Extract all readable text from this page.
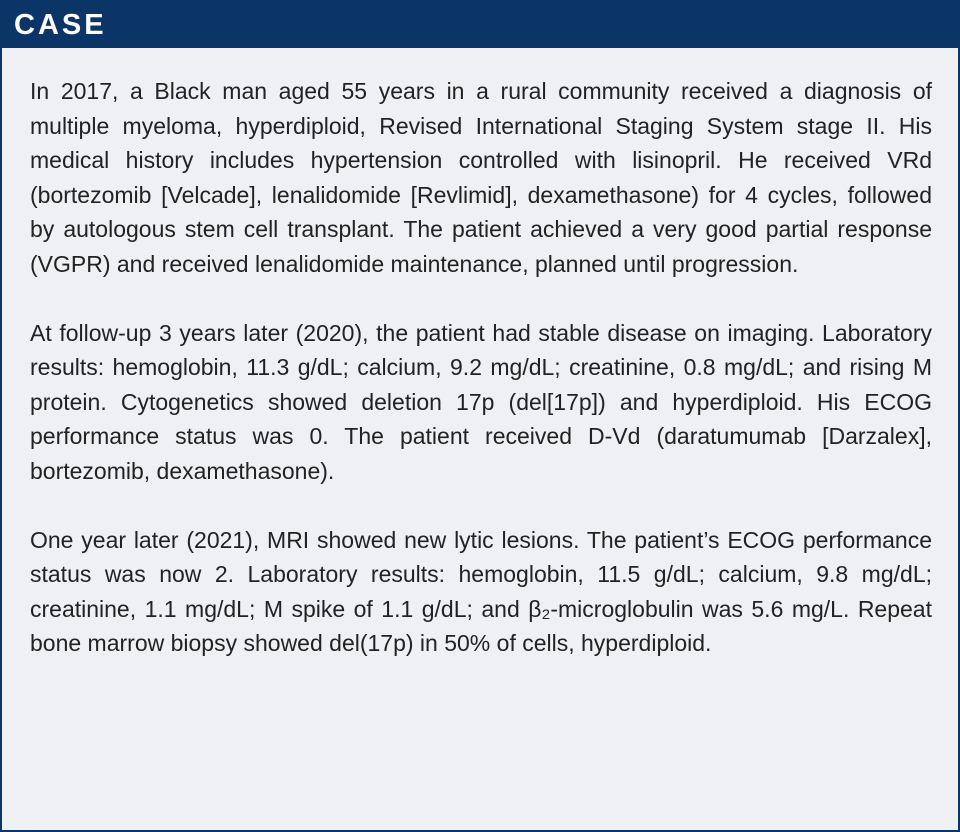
CASE

In 2017, a Black man aged 55 years in a rural community received a diagnosis of multiple myeloma, hyperdiploid, Revised International Staging System stage II. His medical history includes hypertension controlled with lisinopril. He received VRd (bortezomib [Velcade], lenalidomide [Revlimid], dexamethasone) for 4 cycles, followed by autologous stem cell transplant. The patient achieved a very good partial response (VGPR) and received lenalidomide maintenance, planned until progression.

At follow-up 3 years later (2020), the patient had stable disease on imaging. Laboratory results: hemoglobin, 11.3 g/dL; calcium, 9.2 mg/dL; creatinine, 0.8 mg/dL; and rising M protein. Cytogenetics showed deletion 17p (del[17p]) and hyperdiploid. His ECOG performance status was 0. The patient received D-Vd (daratumumab [Darzalex], bortezomib, dexamethasone).

One year later (2021), MRI showed new lytic lesions. The patient’s ECOG performance status was now 2. Laboratory results: hemoglobin, 11.5 g/dL; calcium, 9.8 mg/dL; creatinine, 1.1 mg/dL; M spike of 1.1 g/dL; and β₂-microglobulin was 5.6 mg/L. Repeat bone marrow biopsy showed del(17p) in 50% of cells, hyperdiploid.
